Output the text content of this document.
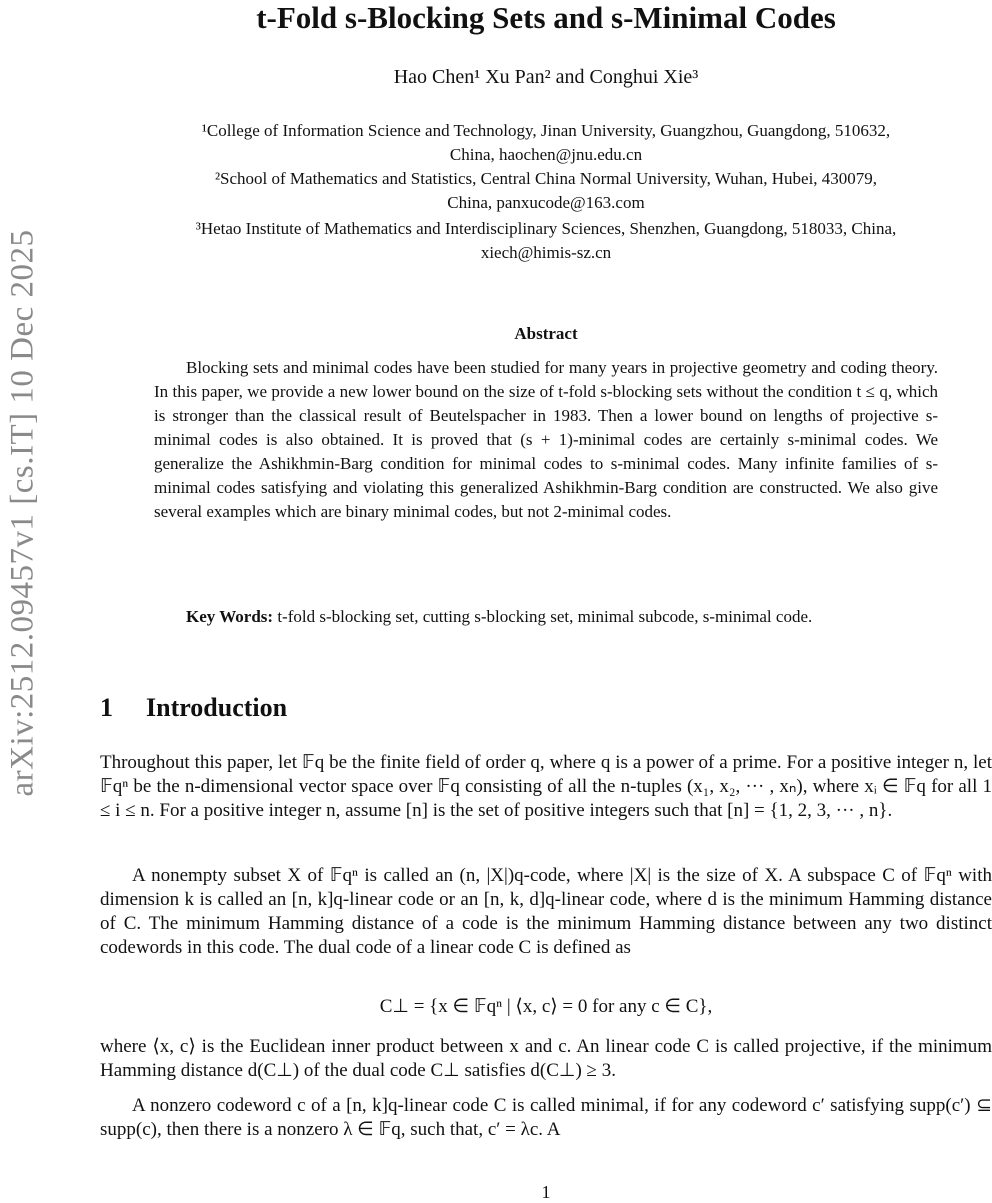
arXiv:2512.09457v1 [cs.IT] 10 Dec 2025
t-Fold s-Blocking Sets and s-Minimal Codes
Hao Chen¹ Xu Pan² and Conghui Xie³
¹College of Information Science and Technology, Jinan University, Guangzhou, Guangdong, 510632,
China, haochen@jnu.edu.cn
²School of Mathematics and Statistics, Central China Normal University, Wuhan, Hubei, 430079,
China, panxucode@163.com
³Hetao Institute of Mathematics and Interdisciplinary Sciences, Shenzhen, Guangdong, 518033, China,
xiech@himis-sz.cn
Abstract
Blocking sets and minimal codes have been studied for many years in projective geometry and coding theory. In this paper, we provide a new lower bound on the size of t-fold s-blocking sets without the condition t ≤ q, which is stronger than the classical result of Beutelspacher in 1983. Then a lower bound on lengths of projective s-minimal codes is also obtained. It is proved that (s + 1)-minimal codes are certainly s-minimal codes. We generalize the Ashikhmin-Barg condition for minimal codes to s-minimal codes. Many infinite families of s-minimal codes satisfying and violating this generalized Ashikhmin-Barg condition are constructed. We also give several examples which are binary minimal codes, but not 2-minimal codes.
Key Words: t-fold s-blocking set, cutting s-blocking set, minimal subcode, s-minimal code.
1 Introduction
Throughout this paper, let 𝔽q be the finite field of order q, where q is a power of a prime. For a positive integer n, let 𝔽qⁿ be the n-dimensional vector space over 𝔽q consisting of all the n-tuples (x₁, x₂, ··· , xₙ), where xᵢ ∈ 𝔽q for all 1 ≤ i ≤ n. For a positive integer n, assume [n] is the set of positive integers such that [n] = {1, 2, 3, ··· , n}.
A nonempty subset X of 𝔽qⁿ is called an (n, |X|)q-code, where |X| is the size of X. A subspace C of 𝔽qⁿ with dimension k is called an [n, k]q-linear code or an [n, k, d]q-linear code, where d is the minimum Hamming distance of C. The minimum Hamming distance of a code is the minimum Hamming distance between any two distinct codewords in this code. The dual code of a linear code C is defined as
C⊥ = {x ∈ 𝔽qⁿ | ⟨x, c⟩ = 0 for any c ∈ C},
where ⟨x, c⟩ is the Euclidean inner product between x and c. An linear code C is called projective, if the minimum Hamming distance d(C⊥) of the dual code C⊥ satisfies d(C⊥) ≥ 3.
A nonzero codeword c of a [n, k]q-linear code C is called minimal, if for any codeword c′ satisfying supp(c′) ⊆ supp(c), then there is a nonzero λ ∈ 𝔽q, such that, c′ = λc. A
1
